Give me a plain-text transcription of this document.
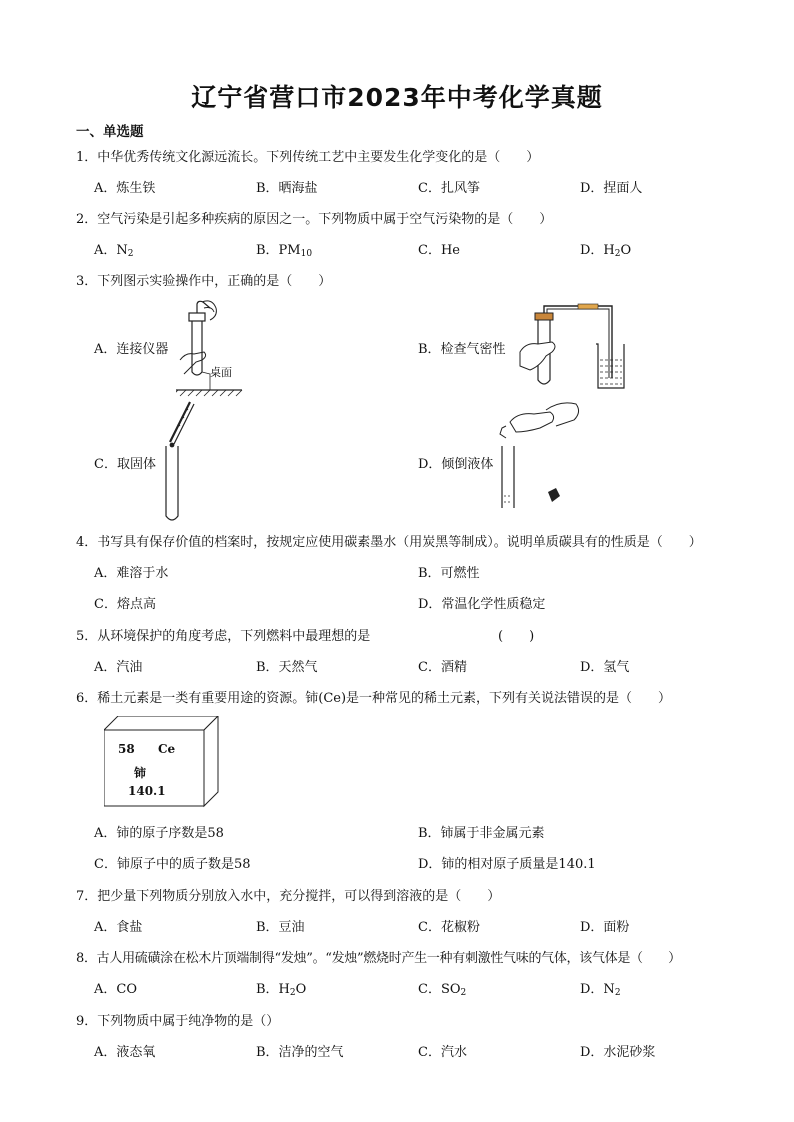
辽宁省营口市2023年中考化学真题
一、单选题
1．中华优秀传统文化源远流长。下列传统工艺中主要发生化学变化的是（　　）
A．炼生铁	B．晒海盐	C．扎风筝	D．捏面人
2．空气污染是引起多种疾病的原因之一。下列物质中属于空气污染物的是（　　）
A．$N_2$	B．$PM_{10}$	C．He	D．$H_2O$
3．下列图示实验操作中，正确的是（　　）
A．连接仪器	B．检查气密性
C．取固体	D．倾倒液体
桌面
4．书写具有保存价值的档案时，按规定应使用碳素墨水（用炭黑等制成）。说明单质碳具有的性质是（　　）
A．难溶于水	B．可燃性
C．熔点高	D．常温化学性质稳定
5．从环境保护的角度考虑，下列燃料中最理想的是	(　　)
A．汽油	B．天然气	C．酒精	D．氢气
6．稀土元素是一类有重要用途的资源。铈(Ce)是一种常见的稀土元素，下列有关说法错误的是（　　）
58 Ce
铈
140.1
A．铈的原子序数是58	B．铈属于非金属元素
C．铈原子中的质子数是58	D．铈的相对原子质量是140.1
7．把少量下列物质分别放入水中，充分搅拌，可以得到溶液的是（　　）
A．食盐	B．豆油	C．花椒粉	D．面粉
8．古人用硫磺涂在松木片顶端制得“发烛”。“发烛”燃烧时产生一种有刺激性气味的气体，该气体是（　　）
A．CO	B．$H_2O$	C．$SO_2$	D．$N_2$
9．下列物质中属于纯净物的是（）
A．液态氧	B．洁净的空气	C．汽水	D．水泥砂浆
